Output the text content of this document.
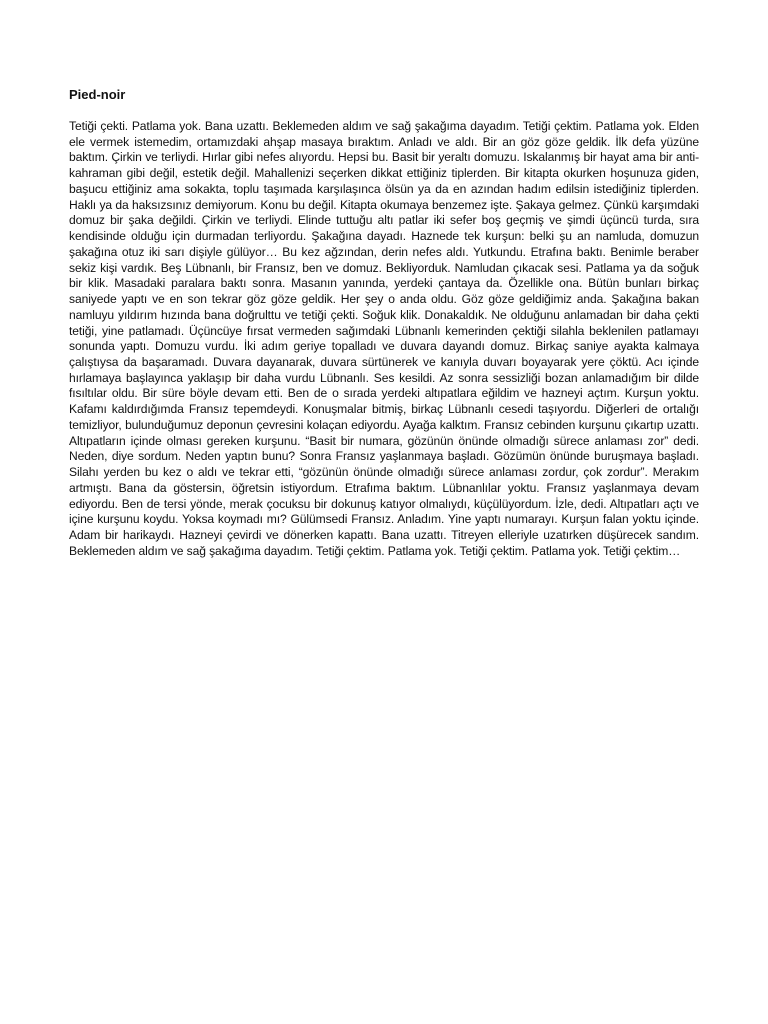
Pied-noir

Tetiği çekti. Patlama yok. Bana uzattı. Beklemeden aldım ve sağ şakağıma dayadım. Tetiği çektim. Patlama yok. Elden ele vermek istemedim, ortamızdaki ahşap masaya bıraktım. Anladı ve aldı. Bir an göz göze geldik. İlk defa yüzüne baktım. Çirkin ve terliydi. Hırlar gibi nefes alıyordu. Hepsi bu. Basit bir yeraltı domuzu. Iskalanmış bir hayat ama bir anti-kahraman gibi değil, estetik değil. Mahallenizi seçerken dikkat ettiğiniz tiplerden. Bir kitapta okurken hoşunuza giden, başucu ettiğiniz ama sokakta, toplu taşımada karşılaşınca ölsün ya da en azından hadım edilsin istediğiniz tiplerden. Haklı ya da haksızsınız demiyorum. Konu bu değil. Kitapta okumaya benzemez işte. Şakaya gelmez. Çünkü karşımdaki domuz bir şaka değildi. Çirkin ve terliydi. Elinde tuttuğu altı patlar iki sefer boş geçmiş ve şimdi üçüncü turda, sıra kendisinde olduğu için durmadan terliyordu. Şakağına dayadı. Haznede tek kurşun: belki şu an namluda, domuzun şakağına otuz iki sarı dişiyle gülüyor… Bu kez ağzından, derin nefes aldı. Yutkundu. Etrafına baktı. Benimle beraber sekiz kişi vardık. Beş Lübnanlı, bir Fransız, ben ve domuz. Bekliyorduk. Namludan çıkacak sesi. Patlama ya da soğuk bir klik. Masadaki paralara baktı sonra. Masanın yanında, yerdeki çantaya da. Özellikle ona. Bütün bunları birkaç saniyede yaptı ve en son tekrar göz göze geldik. Her şey o anda oldu. Göz göze geldiğimiz anda. Şakağına bakan namluyu yıldırım hızında bana doğrulttu ve tetiği çekti. Soğuk klik. Donakaldık. Ne olduğunu anlamadan bir daha çekti tetiği, yine patlamadı. Üçüncüye fırsat vermeden sağımdaki Lübnanlı kemerinden çektiği silahla beklenilen patlamayı sonunda yaptı. Domuzu vurdu. İki adım geriye topalladı ve duvara dayandı domuz. Birkaç saniye ayakta kalmaya çalıştıysa da başaramadı. Duvara dayanarak, duvara sürtünerek ve kanıyla duvarı boyayarak yere çöktü. Acı içinde hırlamaya başlayınca yaklaşıp bir daha vurdu Lübnanlı. Ses kesildi. Az sonra sessizliği bozan anlamadığım bir dilde fısıltılar oldu. Bir süre böyle devam etti. Ben de o sırada yerdeki altıpatlara eğildim ve hazneyi açtım. Kurşun yoktu. Kafamı kaldırdığımda Fransız tepemdeydi. Konuşmalar bitmiş, birkaç Lübnanlı cesedi taşıyordu. Diğerleri de ortalığı temizliyor, bulunduğumuz deponun çevresini kolaçan ediyordu. Ayağa kalktım. Fransız cebinden kurşunu çıkartıp uzattı. Altıpatların içinde olması gereken kurşunu. “Basit bir numara, gözünün önünde olmadığı sürece anlaması zor” dedi. Neden, diye sordum. Neden yaptın bunu? Sonra Fransız yaşlanmaya başladı. Gözümün önünde buruşmaya başladı. Silahı yerden bu kez o aldı ve tekrar etti, “gözünün önünde olmadığı sürece anlaması zordur, çok zordur”. Merakım artmıştı. Bana da göstersin, öğretsin istiyordum. Etrafıma baktım. Lübnanlılar yoktu. Fransız yaşlanmaya devam ediyordu. Ben de tersi yönde, merak çocuksu bir dokunuş katıyor olmalıydı, küçülüyordum. İzle, dedi. Altıpatları açtı ve içine kurşunu koydu. Yoksa koymadı mı? Gülümsedi Fransız. Anladım. Yine yaptı numarayı. Kurşun falan yoktu içinde. Adam bir harikaydı. Hazneyi çevirdi ve dönerken kapattı. Bana uzattı. Titreyen elleriyle uzatırken düşürecek sandım. Beklemeden aldım ve sağ şakağıma dayadım. Tetiği çektim. Patlama yok. Tetiği çektim. Patlama yok. Tetiği çektim…
